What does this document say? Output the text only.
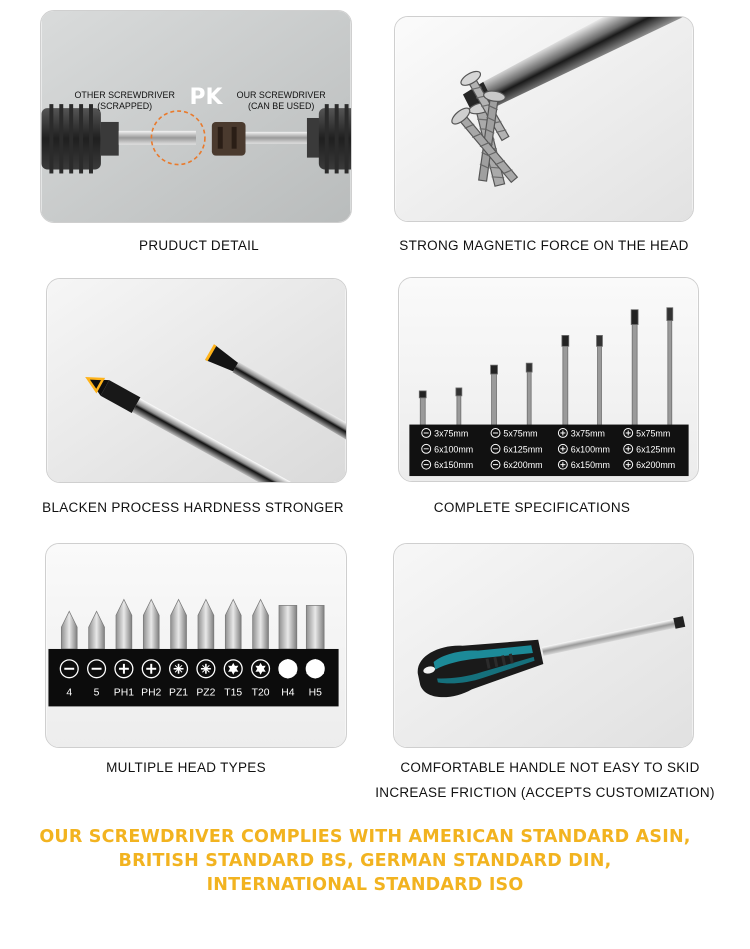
OTHER SCREWDRIVER
(SCRAPPED) PK OUR SCREWDRIVER
(CAN BE USED)
PRUDUCT DETAIL	STRONG MAGNETIC FORCE ON THE HEAD
BLACKEN PROCESS HARDNESS STRONGER
3x75mm	5x75mm	3x75mm	5x75mm
6x100mm	6x125mm	6x100mm	6x125mm
6x150mm	6x200mm	6x150mm	6x200mm
COMPLETE SPECIFICATIONS
4 5 PH1 PH2 PZ1 PZ2 T15 T20 H4 H5
MULTIPLE HEAD TYPES	COMFORTABLE HANDLE NOT EASY TO SKID
INCREASE FRICTION (ACCEPTS CUSTOMIZATION)
OUR SCREWDRIVER COMPLIES WITH AMERICAN STANDARD ASIN,
BRITISH STANDARD BS, GERMAN STANDARD DIN,
INTERNATIONAL STANDARD ISO
